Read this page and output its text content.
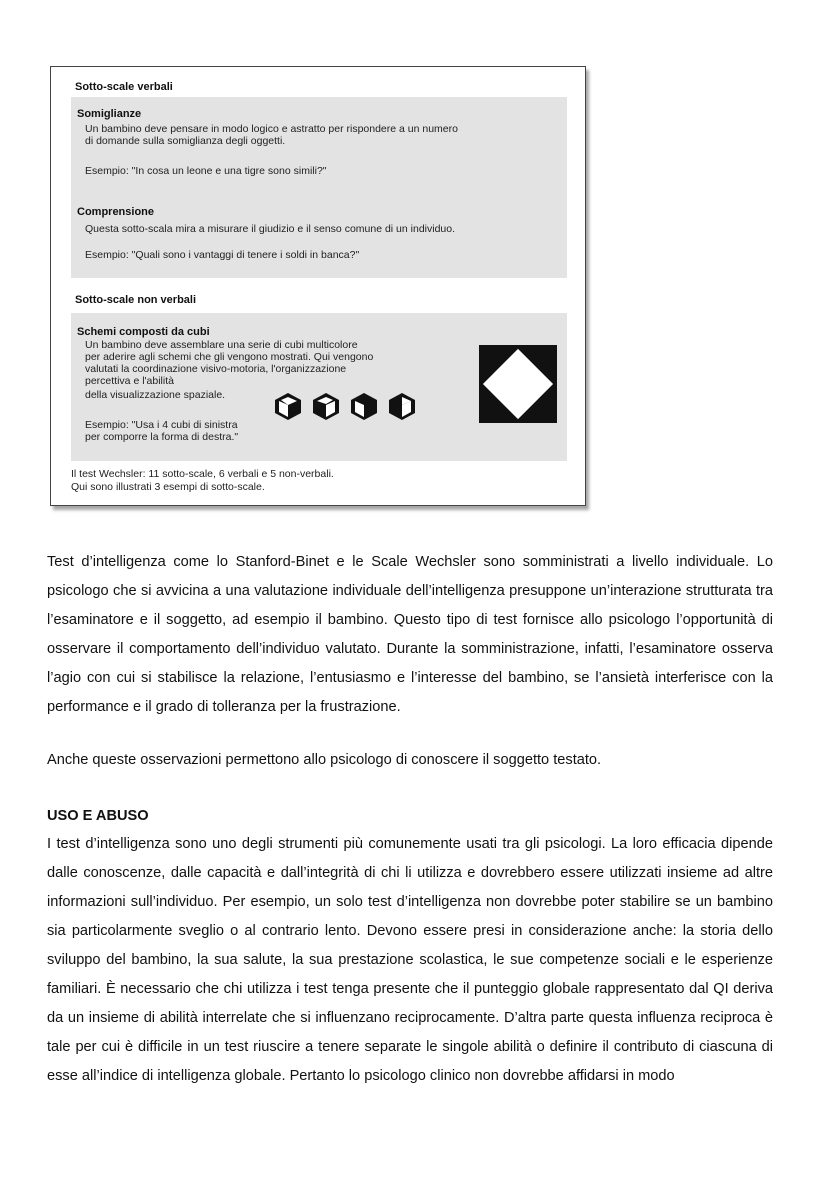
Sotto-scale verbali
Somiglianze
Un bambino deve pensare in modo logico e astratto per rispondere a un numero
di domande sulla somiglianza degli oggetti.
Esempio: "In cosa un leone e una tigre sono simili?"
Comprensione
Questa sotto-scala mira a misurare il giudizio e il senso comune di un individuo.
Esempio: "Quali sono i vantaggi di tenere i soldi in banca?"
Sotto-scale non verbali
Schemi composti da cubi
Un bambino deve assemblare una serie di cubi multicolore
per aderire agli schemi che gli vengono mostrati. Qui vengono
valutati la coordinazione visivo-motoria, l'organizzazione
percettiva e l'abilità
della visualizzazione spaziale.
Esempio: "Usa i 4 cubi di sinistra
per comporre la forma di destra."
Il test Wechsler: 11 sotto-scale, 6 verbali e 5 non-verbali.
Qui sono illustrati 3 esempi di sotto-scale.

Test d’intelligenza come lo Stanford-Binet e le Scale Wechsler sono somministrati a livello individuale. Lo psicologo che si avvicina a una valutazione individuale dell’intelligenza presuppone un’interazione strutturata tra l’esaminatore e il soggetto, ad esempio il bambino. Questo tipo di test fornisce allo psicologo l’opportunità di osservare il comportamento dell’individuo valutato. Durante la somministrazione, infatti, l’esaminatore osserva l’agio con cui si stabilisce la relazione, l’entusiasmo e l’interesse del bambino, se l’ansietà interferisce con la performance e il grado di tolleranza per la frustrazione.

Anche queste osservazioni permettono allo psicologo di conoscere il soggetto testato.

USO E ABUSO

I test d’intelligenza sono uno degli strumenti più comunemente usati tra gli psicologi. La loro efficacia dipende dalle conoscenze, dalle capacità e dall’integrità di chi li utilizza e dovrebbero essere utilizzati insieme ad altre informazioni sull’individuo. Per esempio, un solo test d’intelligenza non dovrebbe poter stabilire se un bambino sia particolarmente sveglio o al contrario lento. Devono essere presi in considerazione anche: la storia dello sviluppo del bambino, la sua salute, la sua prestazione scolastica, le sue competenze sociali e le esperienze familiari. È necessario che chi utilizza i test tenga presente che il punteggio globale rappresentato dal QI deriva da un insieme di abilità interrelate che si influenzano reciprocamente. D’altra parte questa influenza reciproca è tale per cui è difficile in un test riuscire a tenere separate le singole abilità o definire il contributo di ciascuna di esse all’indice di intelligenza globale. Pertanto lo psicologo clinico non dovrebbe affidarsi in modo
